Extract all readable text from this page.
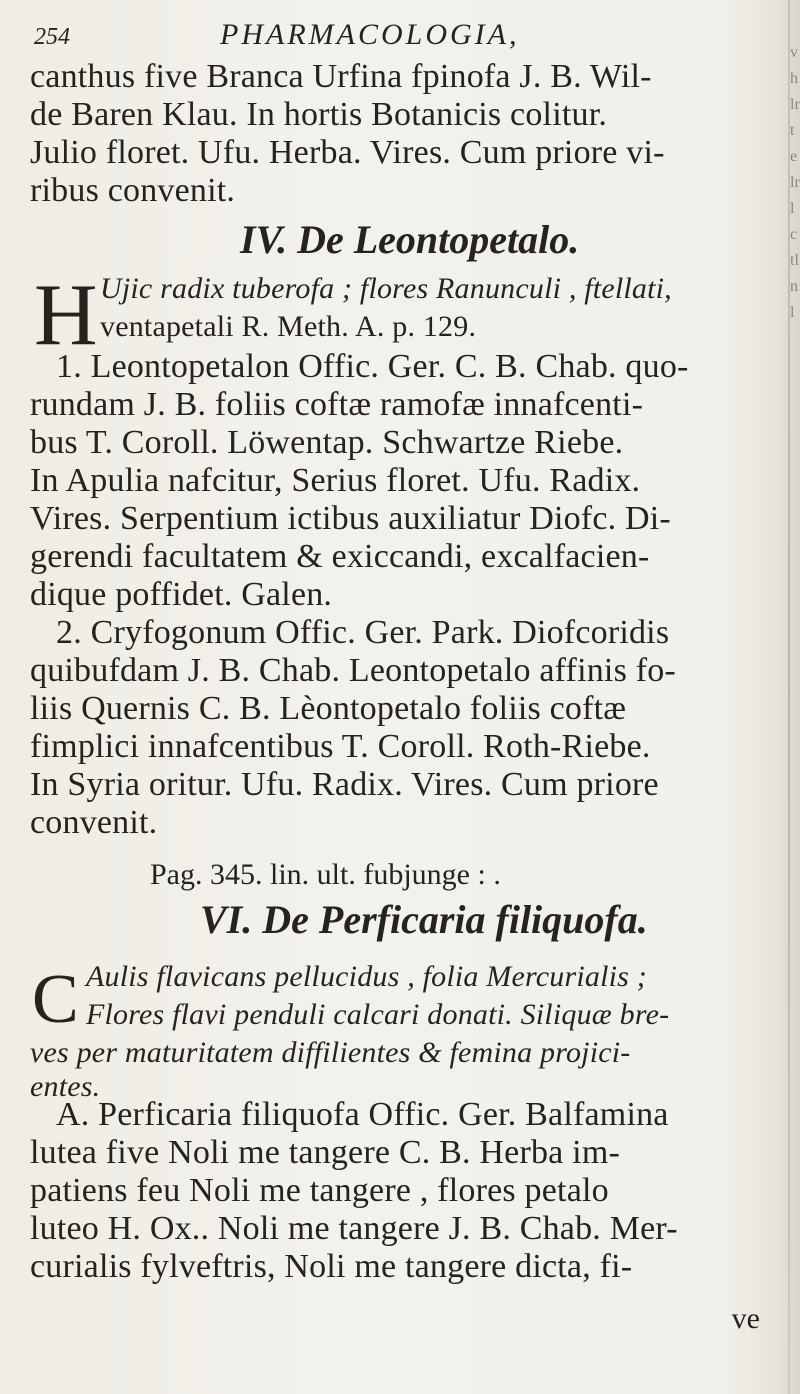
vhlrtelrlctlnl
254	PHARMACOLOGIA,
canthus five Branca Urfina fpinofa J. B. Wil-
de Baren Klau. In hortis Botanicis colitur.
Julio floret. Ufu. Herba. Vires. Cum priore vi-
ribus convenit.
IV. De Leontopetalo.
H Ujic radix tuberofa ; flores Ranunculi , ftellati,
ventapetali R. Meth. A. p. 129.
1. Leontopetalon Offic. Ger. C. B. Chab. quo-
rundam J. B. foliis coftæ ramofæ innafcenti-
bus T. Coroll. Löwentap. Schwartze Riebe.
In Apulia nafcitur, Serius floret. Ufu. Radix.
Vires. Serpentium ictibus auxiliatur Diofc. Di-
gerendi facultatem & exiccandi, excalfacien-
dique poffidet. Galen.
2. Cryfogonum Offic. Ger. Park. Diofcoridis
quibufdam J. B. Chab. Leontopetalo affinis fo-
liis Quernis C. B. Lèontopetalo foliis coftæ
fimplici innafcentibus T. Coroll. Roth-Riebe.
In Syria oritur. Ufu. Radix. Vires. Cum priore
convenit.
Pag. 345. lin. ult. fubjunge : .
VI. De Perficaria filiquofa.
C Aulis flavicans pellucidus , folia Mercurialis ;
Flores flavi penduli calcari donati. Siliquæ bre-
ves per maturitatem diffilientes & femina projici-
entes.
A. Perficaria filiquofa Offic. Ger. Balfamina
lutea five Noli me tangere C. B. Herba im-
patiens feu Noli me tangere , flores petalo
luteo H. Ox.. Noli me tangere J. B. Chab. Mer-
curialis fylveftris, Noli me tangere dicta, fi-
ve
